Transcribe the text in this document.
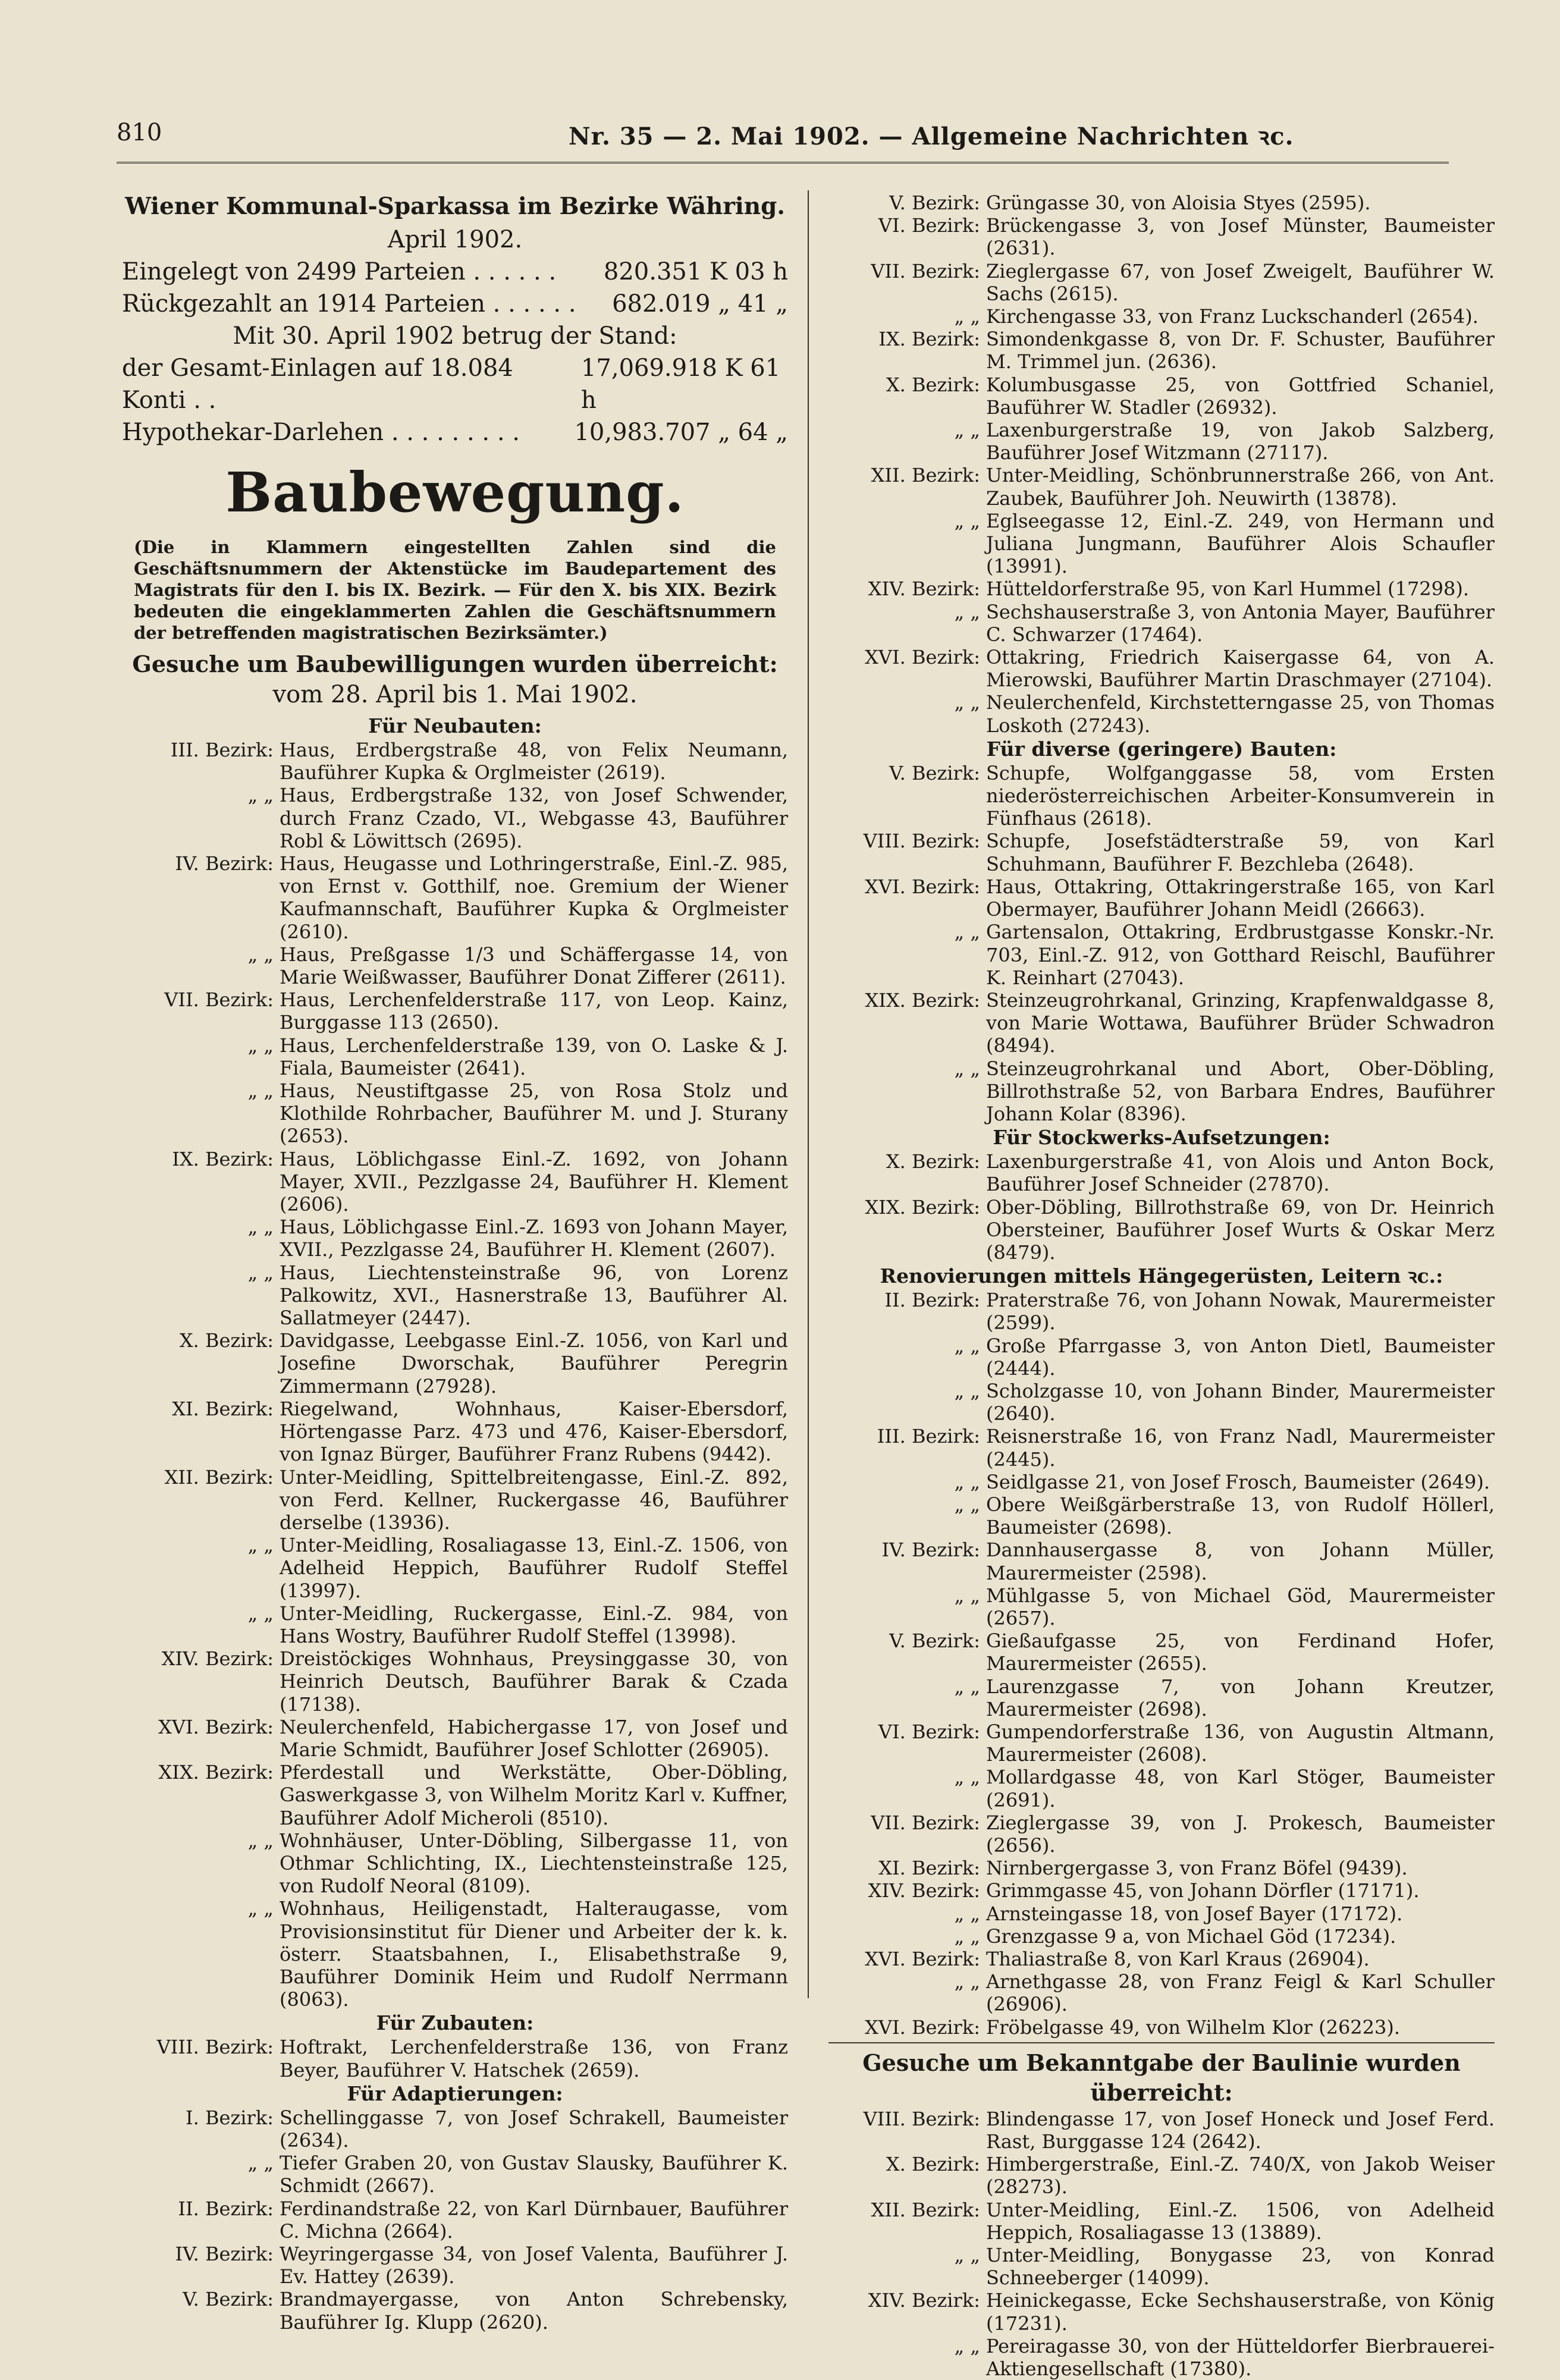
810	Nr. 35 — 2. Mai 1902. — Allgemeine Nachrichten ꝛc.
Wiener Kommunal-Sparkassa im Bezirke Währing.
April 1902.
Eingelegt von 2499 Parteien . . . . . . 820.351 K 03 h
Rückgezahlt an 1914 Parteien . . . . . . 682.019 „ 41 „
Mit 30. April 1902 betrug der Stand:
der Gesamt-Einlagen auf 18.084 Konti . .
17,069.918 K 61 h
Hypothekar-Darlehen . . . . . . . . . 10,983.707 „ 64 „
Baubewegung.
(Die in Klammern eingestellten Zahlen sind die Geschäftsnummern der Aktenstücke im Baudepartement des Magistrats für den I. bis IX. Bezirk. — Für den X. bis XIX. Bezirk bedeuten die eingeklammerten Zahlen die Geschäftsnummern der betreffenden magistratischen Bezirksämter.)
Gesuche um Baubewilligungen wurden überreicht:
vom 28. April bis 1. Mai 1902.
Für Neubauten:
III. Bezirk: Haus, Erdbergstraße 48, von Felix Neumann, Bauführer Kupka & Orglmeister (2619).
„ „ Haus, Erdbergstraße 132, von Josef Schwender, durch Franz Czado, VI., Webgasse 43, Bauführer Robl & Löwittsch (2695).
IV. Bezirk: Haus, Heugasse und Lothringerstraße, Einl.-Z. 985, von Ernst v. Gotthilf, noe. Gremium der Wiener Kaufmannschaft, Bauführer Kupka & Orglmeister (2610).
„ „ Haus, Preßgasse 1/3 und Schäffergasse 14, von Marie Weißwasser, Bauführer Donat Zifferer (2611).
VII. Bezirk: Haus, Lerchenfelderstraße 117, von Leop. Kainz, Burggasse 113 (2650).
„ „ Haus, Lerchenfelderstraße 139, von O. Laske & J. Fiala, Baumeister (2641).
„ „ Haus, Neustiftgasse 25, von Rosa Stolz und Klothilde Rohrbacher, Bauführer M. und J. Sturany (2653).
IX. Bezirk: Haus, Löblichgasse Einl.-Z. 1692, von Johann Mayer, XVII., Pezzlgasse 24, Bauführer H. Klement (2606).
„ „ Haus, Löblichgasse Einl.-Z. 1693 von Johann Mayer, XVII., Pezzlgasse 24, Bauführer H. Klement (2607).
„ „ Haus, Liechtensteinstraße 96, von Lorenz Palkowitz, XVI., Hasnerstraße 13, Bauführer Al. Sallatmeyer (2447).
X. Bezirk: Davidgasse, Leebgasse Einl.-Z. 1056, von Karl und Josefine Dworschak, Bauführer Peregrin Zimmermann (27928).
XI. Bezirk: Riegelwand, Wohnhaus, Kaiser-Ebersdorf, Hörtengasse Parz. 473 und 476, Kaiser-Ebersdorf, von Ignaz Bürger, Bauführer Franz Rubens (9442).
XII. Bezirk: Unter-Meidling, Spittelbreitengasse, Einl.-Z. 892, von Ferd. Kellner, Ruckergasse 46, Bauführer derselbe (13936).
„ „ Unter-Meidling, Rosaliagasse 13, Einl.-Z. 1506, von Adelheid Heppich, Bauführer Rudolf Steffel (13997).
„ „ Unter-Meidling, Ruckergasse, Einl.-Z. 984, von Hans Wostry, Bauführer Rudolf Steffel (13998).
XIV. Bezirk: Dreistöckiges Wohnhaus, Preysinggasse 30, von Heinrich Deutsch, Bauführer Barak & Czada (17138).
XVI. Bezirk: Neulerchenfeld, Habichergasse 17, von Josef und Marie Schmidt, Bauführer Josef Schlotter (26905).
XIX. Bezirk: Pferdestall und Werkstätte, Ober-Döbling, Gaswerkgasse 3, von Wilhelm Moritz Karl v. Kuffner, Bauführer Adolf Micheroli (8510).
„ „ Wohnhäuser, Unter-Döbling, Silbergasse 11, von Othmar Schlichting, IX., Liechtensteinstraße 125, von Rudolf Neoral (8109).
„ „ Wohnhaus, Heiligenstadt, Halteraugasse, vom Provisionsinstitut für Diener und Arbeiter der k. k. österr. Staatsbahnen, I., Elisabethstraße 9, Bauführer Dominik Heim und Rudolf Nerrmann (8063).
Für Zubauten:
VIII. Bezirk: Hoftrakt, Lerchenfelderstraße 136, von Franz Beyer, Bauführer V. Hatschek (2659).
Für Adaptierungen:
I. Bezirk: Schellinggasse 7, von Josef Schrakell, Baumeister (2634).
„ „ Tiefer Graben 20, von Gustav Slausky, Bauführer K. Schmidt (2667).
II. Bezirk: Ferdinandstraße 22, von Karl Dürnbauer, Bauführer C. Michna (2664).
IV. Bezirk: Weyringergasse 34, von Josef Valenta, Bauführer J. Ev. Hattey (2639).
V. Bezirk: Brandmayergasse, von Anton Schrebensky, Bauführer Ig. Klupp (2620).
V. Bezirk: Grüngasse 30, von Aloisia Styes (2595).
VI. Bezirk: Brückengasse 3, von Josef Münster, Baumeister (2631).
VII. Bezirk: Zieglergasse 67, von Josef Zweigelt, Bauführer W. Sachs (2615).
„ „ Kirchengasse 33, von Franz Luckschanderl (2654).
IX. Bezirk: Simondenkgasse 8, von Dr. F. Schuster, Bauführer M. Trimmel jun. (2636).
X. Bezirk: Kolumbusgasse 25, von Gottfried Schaniel, Bauführer W. Stadler (26932).
„ „ Laxenburgerstraße 19, von Jakob Salzberg, Bauführer Josef Witzmann (27117).
XII. Bezirk: Unter-Meidling, Schönbrunnerstraße 266, von Ant. Zaubek, Bauführer Joh. Neuwirth (13878).
„ „ Eglseegasse 12, Einl.-Z. 249, von Hermann und Juliana Jungmann, Bauführer Alois Schaufler (13991).
XIV. Bezirk: Hütteldorferstraße 95, von Karl Hummel (17298).
„ „ Sechshauserstraße 3, von Antonia Mayer, Bauführer C. Schwarzer (17464).
XVI. Bezirk: Ottakring, Friedrich Kaisergasse 64, von A. Mierowski, Bauführer Martin Draschmayer (27104).
„ „ Neulerchenfeld, Kirchstetterngasse 25, von Thomas Loskoth (27243).
Für diverse (geringere) Bauten:
V. Bezirk: Schupfe, Wolfganggasse 58, vom Ersten niederösterreichischen Arbeiter-Konsumverein in Fünfhaus (2618).
VIII. Bezirk: Schupfe, Josefstädterstraße 59, von Karl Schuhmann, Bauführer F. Bezchleba (2648).
XVI. Bezirk: Haus, Ottakring, Ottakringerstraße 165, von Karl Obermayer, Bauführer Johann Meidl (26663).
„ „ Gartensalon, Ottakring, Erdbrustgasse Konskr.-Nr. 703, Einl.-Z. 912, von Gotthard Reischl, Bauführer K. Reinhart (27043).
XIX. Bezirk: Steinzeugrohrkanal, Grinzing, Krapfenwaldgasse 8, von Marie Wottawa, Bauführer Brüder Schwadron (8494).
„ „ Steinzeugrohrkanal und Abort, Ober-Döbling, Billrothstraße 52, von Barbara Endres, Bauführer Johann Kolar (8396).
Für Stockwerks-Aufsetzungen:
X. Bezirk: Laxenburgerstraße 41, von Alois und Anton Bock, Bauführer Josef Schneider (27870).
XIX. Bezirk: Ober-Döbling, Billrothstraße 69, von Dr. Heinrich Obersteiner, Bauführer Josef Wurts & Oskar Merz (8479).
Renovierungen mittels Hängegerüsten, Leitern ꝛc.:
II. Bezirk: Praterstraße 76, von Johann Nowak, Maurermeister (2599).
„ „ Große Pfarrgasse 3, von Anton Dietl, Baumeister (2444).
„ „ Scholzgasse 10, von Johann Binder, Maurermeister (2640).
III. Bezirk: Reisnerstraße 16, von Franz Nadl, Maurermeister (2445).
„ „ Seidlgasse 21, von Josef Frosch, Baumeister (2649).
„ „ Obere Weißgärberstraße 13, von Rudolf Höllerl, Baumeister (2698).
IV. Bezirk: Dannhausergasse 8, von Johann Müller, Maurermeister (2598).
„ „ Mühlgasse 5, von Michael Göd, Maurermeister (2657).
V. Bezirk: Gießaufgasse 25, von Ferdinand Hofer, Maurermeister (2655).
„ „ Laurenzgasse 7, von Johann Kreutzer, Maurermeister (2698).
VI. Bezirk: Gumpendorferstraße 136, von Augustin Altmann, Maurermeister (2608).
„ „ Mollardgasse 48, von Karl Stöger, Baumeister (2691).
VII. Bezirk: Zieglergasse 39, von J. Prokesch, Baumeister (2656).
XI. Bezirk: Nirnbergergasse 3, von Franz Böfel (9439).
XIV. Bezirk: Grimmgasse 45, von Johann Dörfler (17171).
„ „ Arnsteingasse 18, von Josef Bayer (17172).
„ „ Grenzgasse 9 a, von Michael Göd (17234).
XVI. Bezirk: Thaliastraße 8, von Karl Kraus (26904).
„ „ Arnethgasse 28, von Franz Feigl & Karl Schuller (26906).
XVI. Bezirk: Fröbelgasse 49, von Wilhelm Klor (26223).
Gesuche um Bekanntgabe der Baulinie wurden überreicht:
VIII. Bezirk: Blindengasse 17, von Josef Honeck und Josef Ferd. Rast, Burggasse 124 (2642).
X. Bezirk: Himbergerstraße, Einl.-Z. 740/X, von Jakob Weiser (28273).
XII. Bezirk: Unter-Meidling, Einl.-Z. 1506, von Adelheid Heppich, Rosaliagasse 13 (13889).
„ „ Unter-Meidling, Bonygasse 23, von Konrad Schneeberger (14099).
XIV. Bezirk: Heinickegasse, Ecke Sechshauserstraße, von König (17231).
„ „ Pereiragasse 30, von der Hütteldorfer Bierbrauerei-Aktiengesellschaft (17380).
